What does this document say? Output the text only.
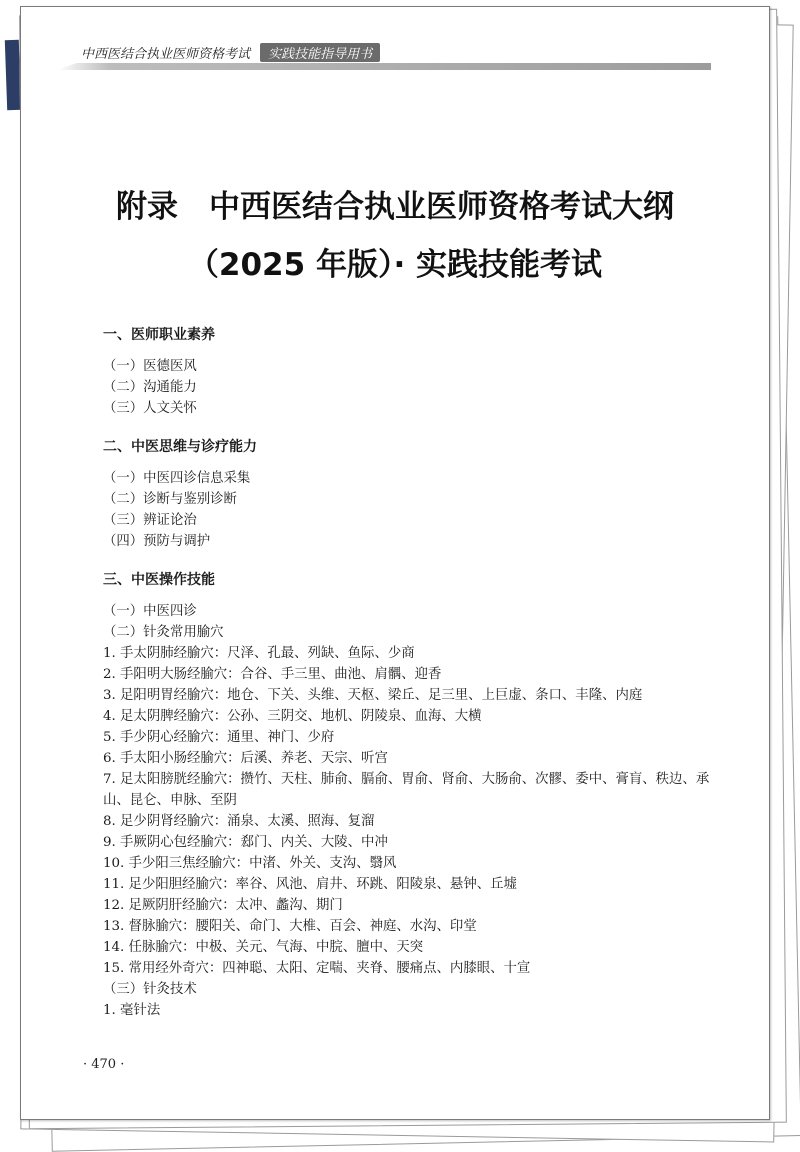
中西医结合执业医师资格考试 实践技能指导用书
附录　中西医结合执业医师资格考试大纲
（2025 年版）· 实践技能考试
一、医师职业素养
（一）医德医风
（二）沟通能力
（三）人文关怀
二、中医思维与诊疗能力
（一）中医四诊信息采集
（二）诊断与鉴别诊断
（三）辨证论治
（四）预防与调护
三、中医操作技能
（一）中医四诊
（二）针灸常用腧穴
1. 手太阴肺经腧穴：尺泽、孔最、列缺、鱼际、少商
2. 手阳明大肠经腧穴：合谷、手三里、曲池、肩髃、迎香
3. 足阳明胃经腧穴：地仓、下关、头维、天枢、梁丘、足三里、上巨虚、条口、丰隆、内庭
4. 足太阴脾经腧穴：公孙、三阴交、地机、阴陵泉、血海、大横
5. 手少阴心经腧穴：通里、神门、少府
6. 手太阳小肠经腧穴：后溪、养老、天宗、听宫
7. 足太阳膀胱经腧穴：攒竹、天柱、肺俞、膈俞、胃俞、肾俞、大肠俞、次髎、委中、膏肓、秩边、承山、昆仑、申脉、至阴
8. 足少阴肾经腧穴：涌泉、太溪、照海、复溜
9. 手厥阴心包经腧穴：郄门、内关、大陵、中冲
10. 手少阳三焦经腧穴：中渚、外关、支沟、翳风
11. 足少阳胆经腧穴：率谷、风池、肩井、环跳、阳陵泉、悬钟、丘墟
12. 足厥阴肝经腧穴：太冲、蠡沟、期门
13. 督脉腧穴：腰阳关、命门、大椎、百会、神庭、水沟、印堂
14. 任脉腧穴：中极、关元、气海、中脘、膻中、天突
15. 常用经外奇穴：四神聪、太阳、定喘、夹脊、腰痛点、内膝眼、十宣
（三）针灸技术
1. 毫针法
· 470 ·
